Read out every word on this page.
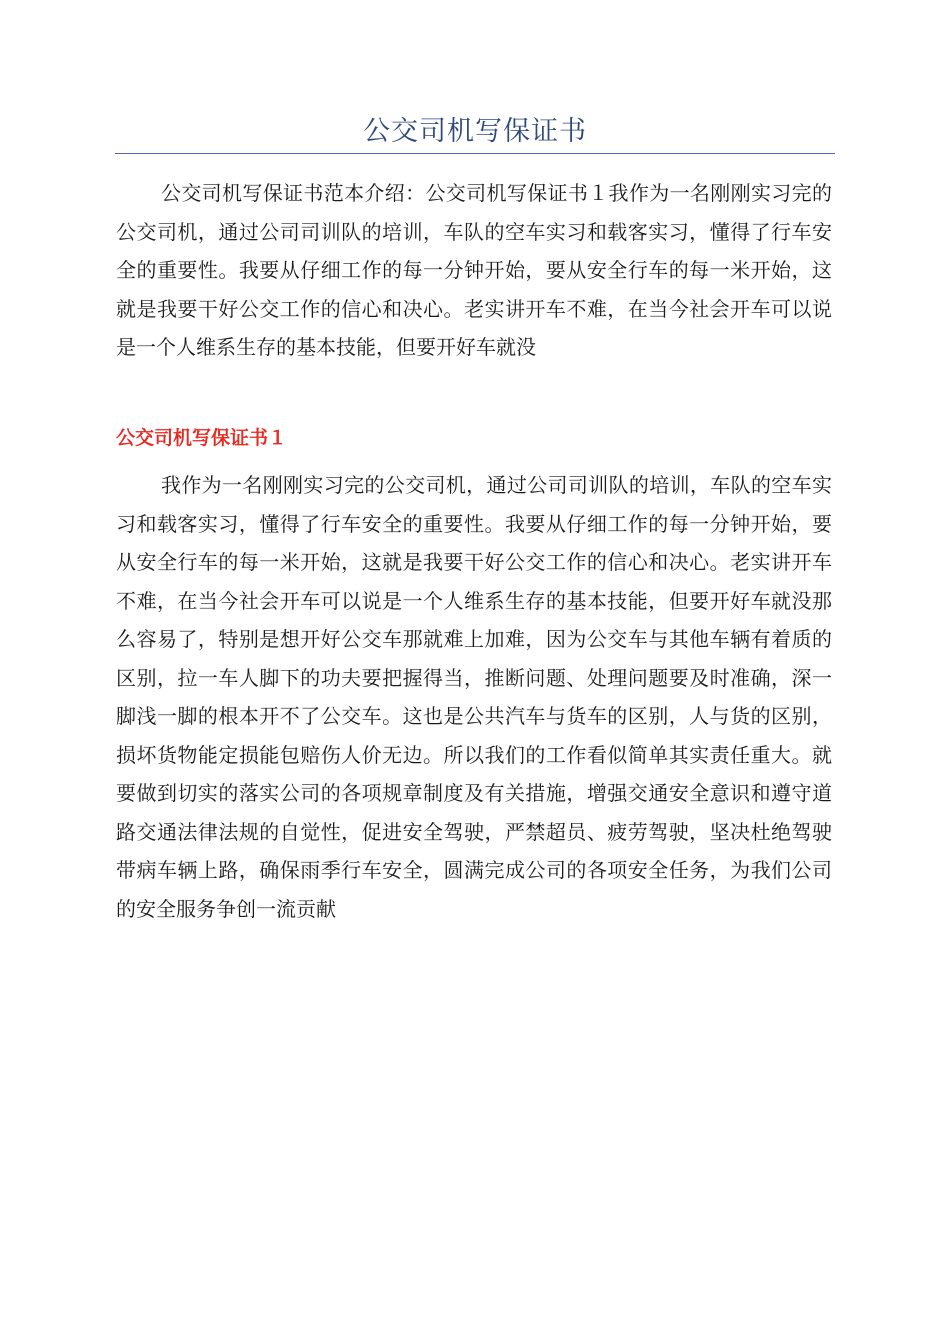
公交司机写保证书

公交司机写保证书范本介绍：公交司机写保证书１我作为一名刚刚实习完的公交司机，通过公司司训队的培训，车队的空车实习和载客实习，懂得了行车安全的重要性。我要从仔细工作的每一分钟开始，要从安全行车的每一米开始，这就是我要干好公交工作的信心和决心。老实讲开车不难，在当今社会开车可以说是一个人维系生存的基本技能，但要开好车就没

公交司机写保证书１

我作为一名刚刚实习完的公交司机，通过公司司训队的培训，车队的空车实习和载客实习，懂得了行车安全的重要性。我要从仔细工作的每一分钟开始，要从安全行车的每一米开始，这就是我要干好公交工作的信心和决心。老实讲开车不难，在当今社会开车可以说是一个人维系生存的基本技能，但要开好车就没那么容易了，特别是想开好公交车那就难上加难，因为公交车与其他车辆有着质的区别，拉一车人脚下的功夫要把握得当，推断问题、处理问题要及时准确，深一脚浅一脚的根本开不了公交车。这也是公共汽车与货车的区别，人与货的区别，损坏货物能定损能包赔伤人价无边。所以我们的工作看似简单其实责任重大。就要做到切实的落实公司的各项规章制度及有关措施，增强交通安全意识和遵守道路交通法律法规的自觉性，促进安全驾驶，严禁超员、疲劳驾驶，坚决杜绝驾驶带病车辆上路，确保雨季行车安全，圆满完成公司的各项安全任务，为我们公司的安全服务争创一流贡献
